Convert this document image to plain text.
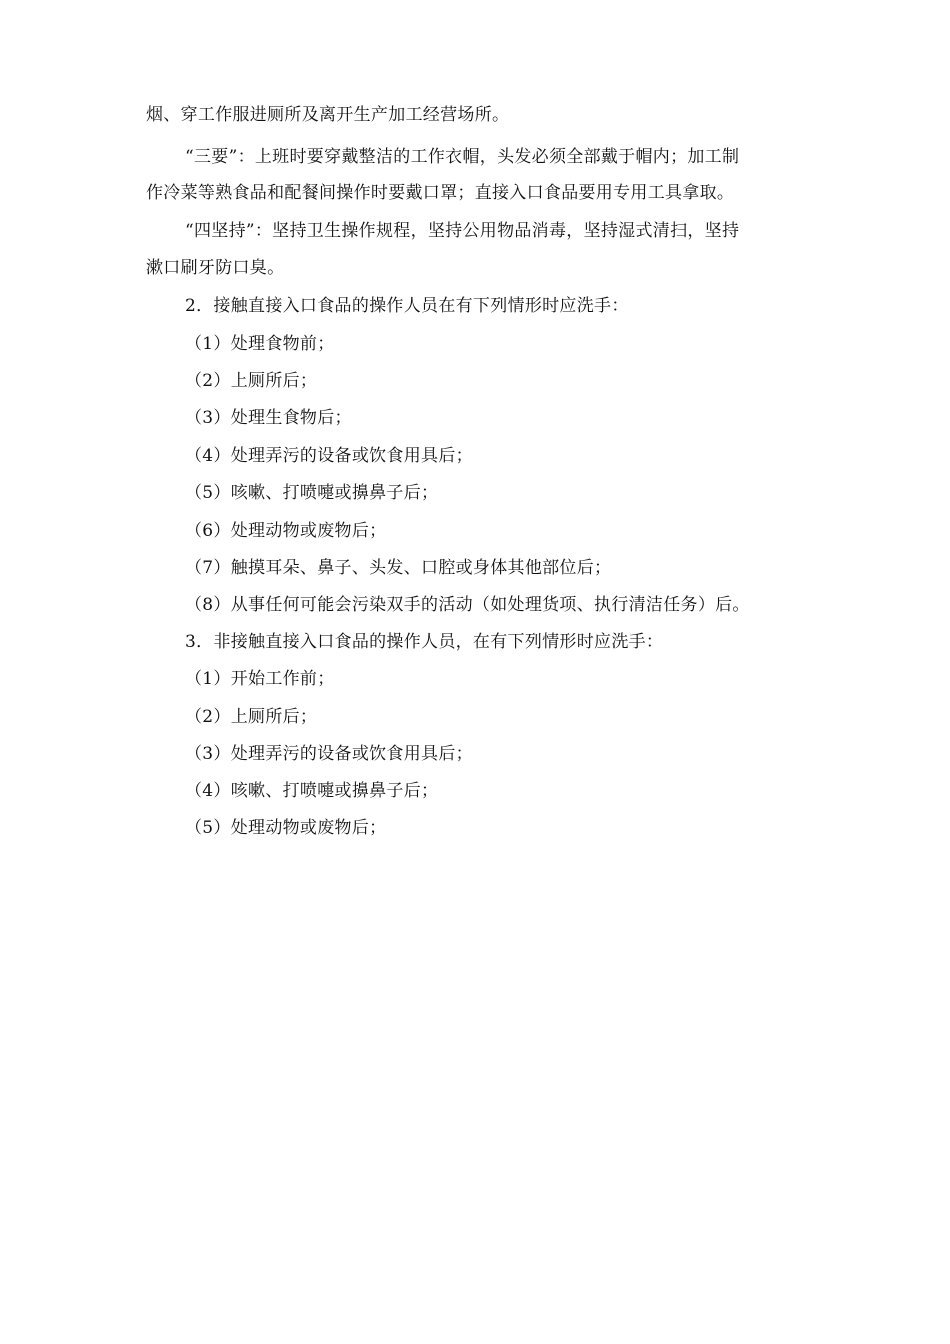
烟、穿工作服进厕所及离开生产加工经营场所。
“三要”：上班时要穿戴整洁的工作衣帽，头发必须全部戴于帽内；加工制
作冷菜等熟食品和配餐间操作时要戴口罩；直接入口食品要用专用工具拿取。
“四坚持”：坚持卫生操作规程，坚持公用物品消毒，坚持湿式清扫，坚持
漱口刷牙防口臭。
2．接触直接入口食品的操作人员在有下列情形时应洗手：
（1）处理食物前；
（2）上厕所后；
（3）处理生食物后；
（4）处理弄污的设备或饮食用具后；
（5）咳嗽、打喷嚏或擤鼻子后；
（6）处理动物或废物后；
（7）触摸耳朵、鼻子、头发、口腔或身体其他部位后；
（8）从事任何可能会污染双手的活动（如处理货项、执行清洁任务）后。
3．非接触直接入口食品的操作人员，在有下列情形时应洗手：
（1）开始工作前；
（2）上厕所后；
（3）处理弄污的设备或饮食用具后；
（4）咳嗽、打喷嚏或擤鼻子后；
（5）处理动物或废物后；
